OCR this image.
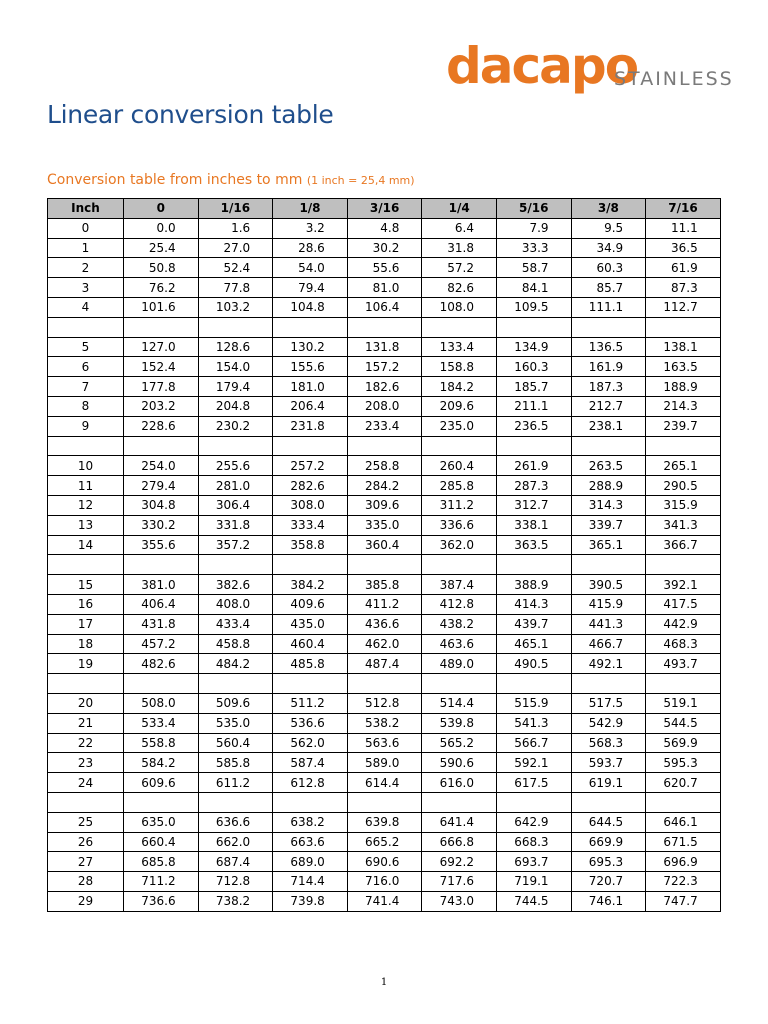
dacapo
STAINLESS
Linear conversion table
Conversion table from inches to mm (1 inch = 25,4 mm)
Inch	0	1/16	1/8	3/16	1/4	5/16	3/8	7/16
0	0.0	1.6	3.2	4.8	6.4	7.9	9.5	11.1
1	25.4	27.0	28.6	30.2	31.8	33.3	34.9	36.5
2	50.8	52.4	54.0	55.6	57.2	58.7	60.3	61.9
3	76.2	77.8	79.4	81.0	82.6	84.1	85.7	87.3
4	101.6	103.2	104.8	106.4	108.0	109.5	111.1	112.7

5	127.0	128.6	130.2	131.8	133.4	134.9	136.5	138.1
6	152.4	154.0	155.6	157.2	158.8	160.3	161.9	163.5
7	177.8	179.4	181.0	182.6	184.2	185.7	187.3	188.9
8	203.2	204.8	206.4	208.0	209.6	211.1	212.7	214.3
9	228.6	230.2	231.8	233.4	235.0	236.5	238.1	239.7

10	254.0	255.6	257.2	258.8	260.4	261.9	263.5	265.1
11	279.4	281.0	282.6	284.2	285.8	287.3	288.9	290.5
12	304.8	306.4	308.0	309.6	311.2	312.7	314.3	315.9
13	330.2	331.8	333.4	335.0	336.6	338.1	339.7	341.3
14	355.6	357.2	358.8	360.4	362.0	363.5	365.1	366.7

15	381.0	382.6	384.2	385.8	387.4	388.9	390.5	392.1
16	406.4	408.0	409.6	411.2	412.8	414.3	415.9	417.5
17	431.8	433.4	435.0	436.6	438.2	439.7	441.3	442.9
18	457.2	458.8	460.4	462.0	463.6	465.1	466.7	468.3
19	482.6	484.2	485.8	487.4	489.0	490.5	492.1	493.7

20	508.0	509.6	511.2	512.8	514.4	515.9	517.5	519.1
21	533.4	535.0	536.6	538.2	539.8	541.3	542.9	544.5
22	558.8	560.4	562.0	563.6	565.2	566.7	568.3	569.9
23	584.2	585.8	587.4	589.0	590.6	592.1	593.7	595.3
24	609.6	611.2	612.8	614.4	616.0	617.5	619.1	620.7

25	635.0	636.6	638.2	639.8	641.4	642.9	644.5	646.1
26	660.4	662.0	663.6	665.2	666.8	668.3	669.9	671.5
27	685.8	687.4	689.0	690.6	692.2	693.7	695.3	696.9
28	711.2	712.8	714.4	716.0	717.6	719.1	720.7	722.3
29	736.6	738.2	739.8	741.4	743.0	744.5	746.1	747.7
1
